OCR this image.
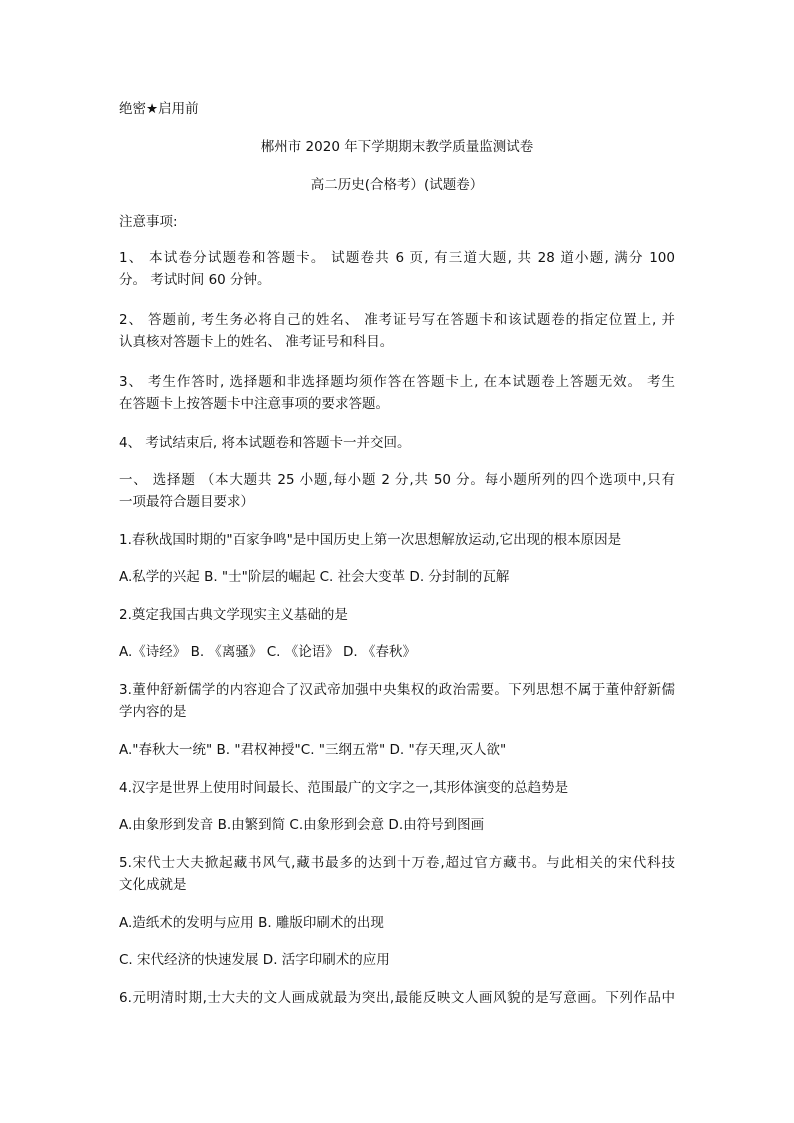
绝密★启用前
郴州市 2020 年下学期期末教学质量监测试卷
高二历史(合格考）(试题卷）
注意事项:
1、 本试卷分试题卷和答题卡。 试题卷共 6 页, 有三道大题, 共 28 道小题, 满分 100
分。 考试时间 60 分钟。
2、 答题前, 考生务必将自己的姓名、 准考证号写在答题卡和该试题卷的指定位置上, 并
认真核对答题卡上的姓名、 准考证号和科目。
3、 考生作答时, 选择题和非选择题均须作答在答题卡上, 在本试题卷上答题无效。 考生
在答题卡上按答题卡中注意事项的要求答题。
4、 考试结束后, 将本试题卷和答题卡一并交回。
一、 选择题 （本大题共 25 小题,每小题 2 分,共 50 分。每小题所列的四个选项中,只有
一项最符合题目要求）
1.春秋战国时期的"百家争鸣"是中国历史上第一次思想解放运动,它出现的根本原因是
A.私学的兴起 B. "士"阶层的崛起 C. 社会大变革 D. 分封制的瓦解
2.奠定我国古典文学现实主义基础的是
A.《诗经》 B. 《离骚》 C. 《论语》 D. 《春秋》
3.董仲舒新儒学的内容迎合了汉武帝加强中央集权的政治需要。下列思想不属于董仲舒新儒
学内容的是
A."春秋大一统" B. "君权神授"C. "三纲五常" D. "存天理,灭人欲"
4.汉字是世界上使用时间最长、范围最广的文字之一,其形体演变的总趋势是
A.由象形到发音 B.由繁到简 C.由象形到会意 D.由符号到图画
5.宋代士大夫掀起藏书风气,藏书最多的达到十万卷,超过官方藏书。与此相关的宋代科技
文化成就是
A.造纸术的发明与应用 B. 雕版印刷术的出现
C. 宋代经济的快速发展 D. 活字印刷术的应用
6.元明清时期,士大夫的文人画成就最为突出,最能反映文人画风貌的是写意画。下列作品中
